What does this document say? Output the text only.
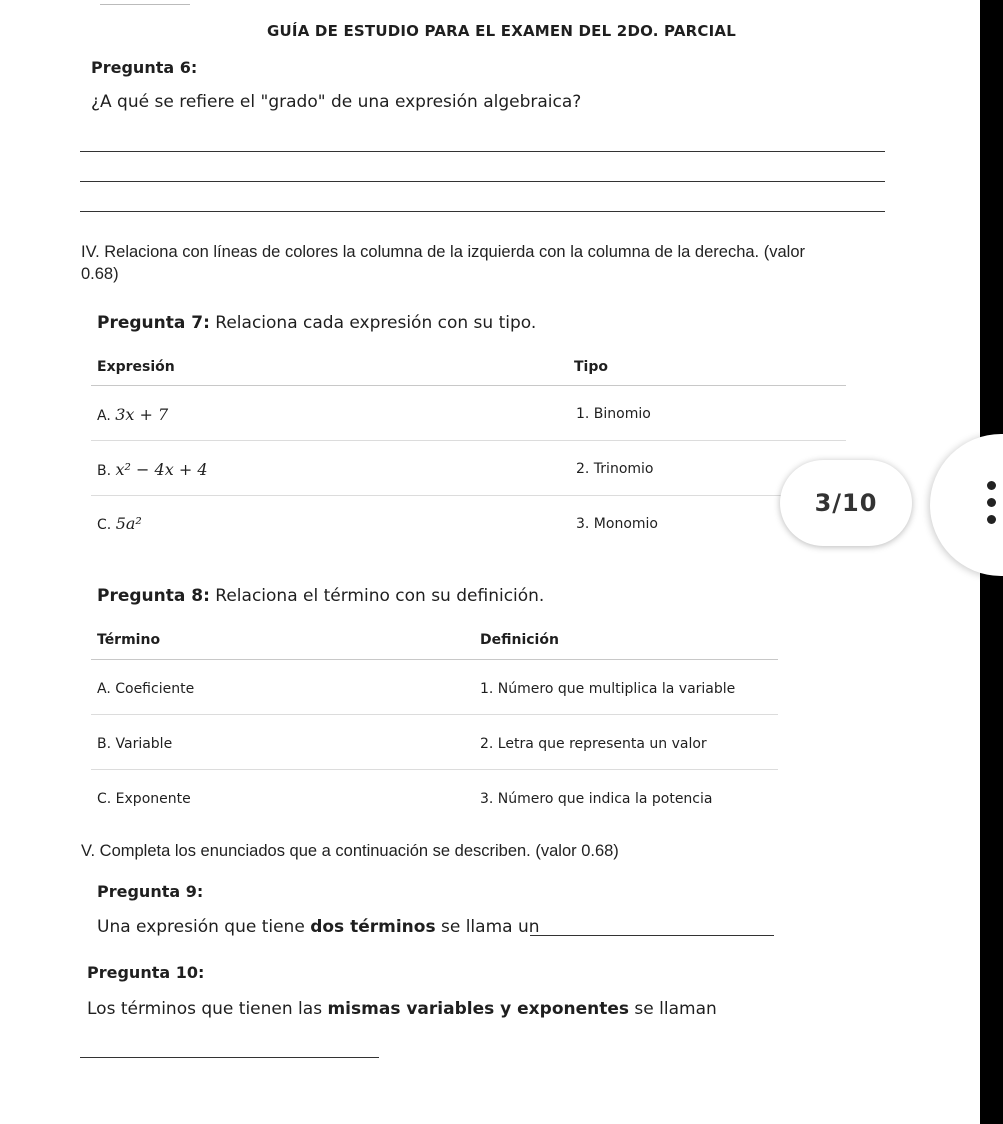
GUÍA DE ESTUDIO PARA EL EXAMEN DEL 2DO. PARCIAL
Pregunta 6:
¿A qué se refiere el "grado" de una expresión algebraica?
IV. Relaciona con líneas de colores la columna de la izquierda con la columna de la derecha. (valor
0.68)
Pregunta 7: Relaciona cada expresión con su tipo.
Expresión	Tipo
A. 3x + 7	1. Binomio
B. x² − 4x + 4	2. Trinomio
C. 5a²	3. Monomio
Pregunta 8: Relaciona el término con su definición.
Término	Definición
A. Coeficiente	1. Número que multiplica la variable
B. Variable	2. Letra que representa un valor
C. Exponente	3. Número que indica la potencia
V. Completa los enunciados que a continuación se describen. (valor 0.68)
Pregunta 9:
Una expresión que tiene dos términos se llama un
Pregunta 10:
Los términos que tienen las mismas variables y exponentes se llaman
3/10
